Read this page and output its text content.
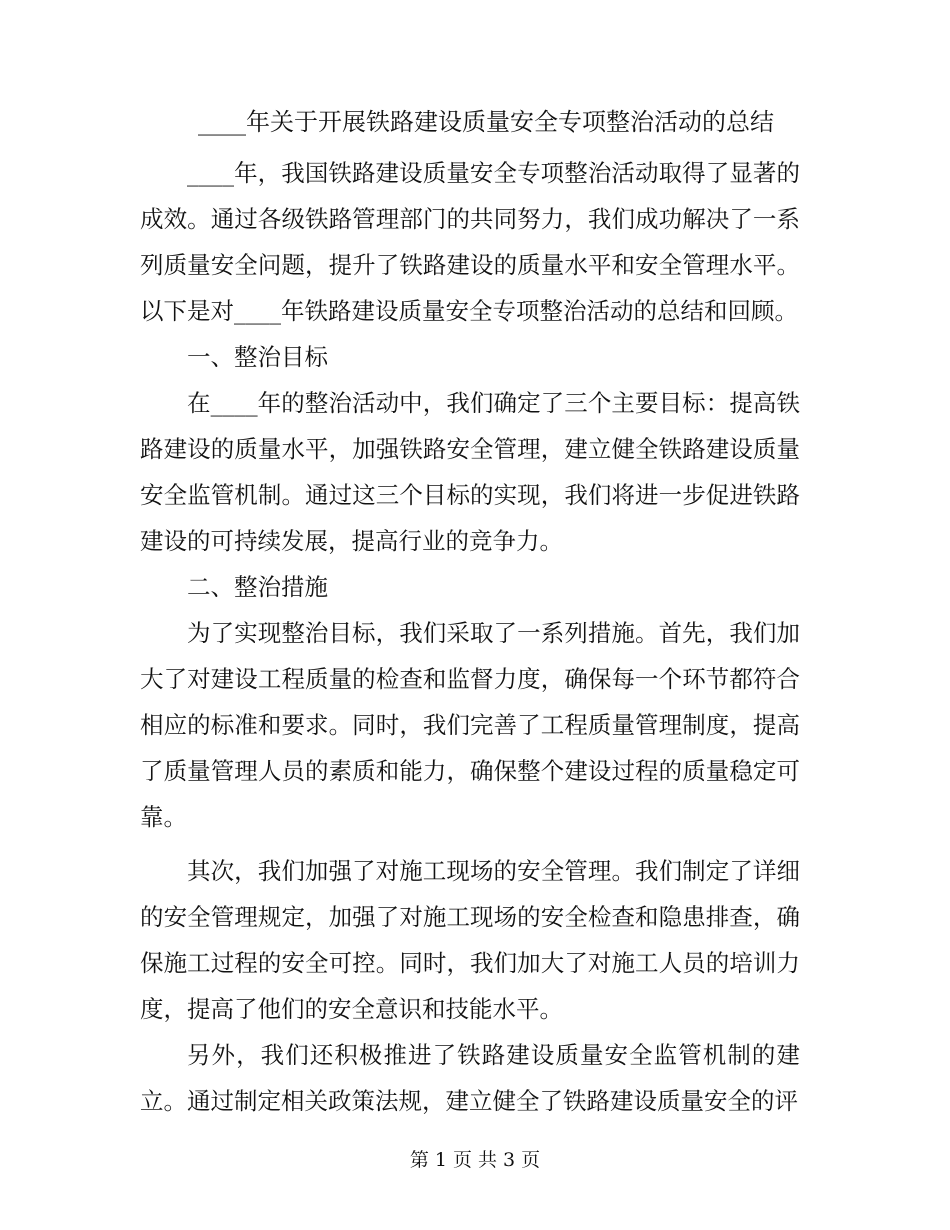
____年关于开展铁路建设质量安全专项整治活动的总结

____年，我国铁路建设质量安全专项整治活动取得了显著的成效。通过各级铁路管理部门的共同努力，我们成功解决了一系列质量安全问题，提升了铁路建设的质量水平和安全管理水平。以下是对____年铁路建设质量安全专项整治活动的总结和回顾。

一、整治目标

在____年的整治活动中，我们确定了三个主要目标：提高铁路建设的质量水平，加强铁路安全管理，建立健全铁路建设质量安全监管机制。通过这三个目标的实现，我们将进一步促进铁路建设的可持续发展，提高行业的竞争力。

二、整治措施

为了实现整治目标，我们采取了一系列措施。首先，我们加大了对建设工程质量的检查和监督力度，确保每一个环节都符合相应的标准和要求。同时，我们完善了工程质量管理制度，提高了质量管理人员的素质和能力，确保整个建设过程的质量稳定可靠。

其次，我们加强了对施工现场的安全管理。我们制定了详细的安全管理规定，加强了对施工现场的安全检查和隐患排查，确保施工过程的安全可控。同时，我们加大了对施工人员的培训力度，提高了他们的安全意识和技能水平。

另外，我们还积极推进了铁路建设质量安全监管机制的建立。通过制定相关政策法规，建立健全了铁路建设质量安全的评

第 1 页 共 3 页
